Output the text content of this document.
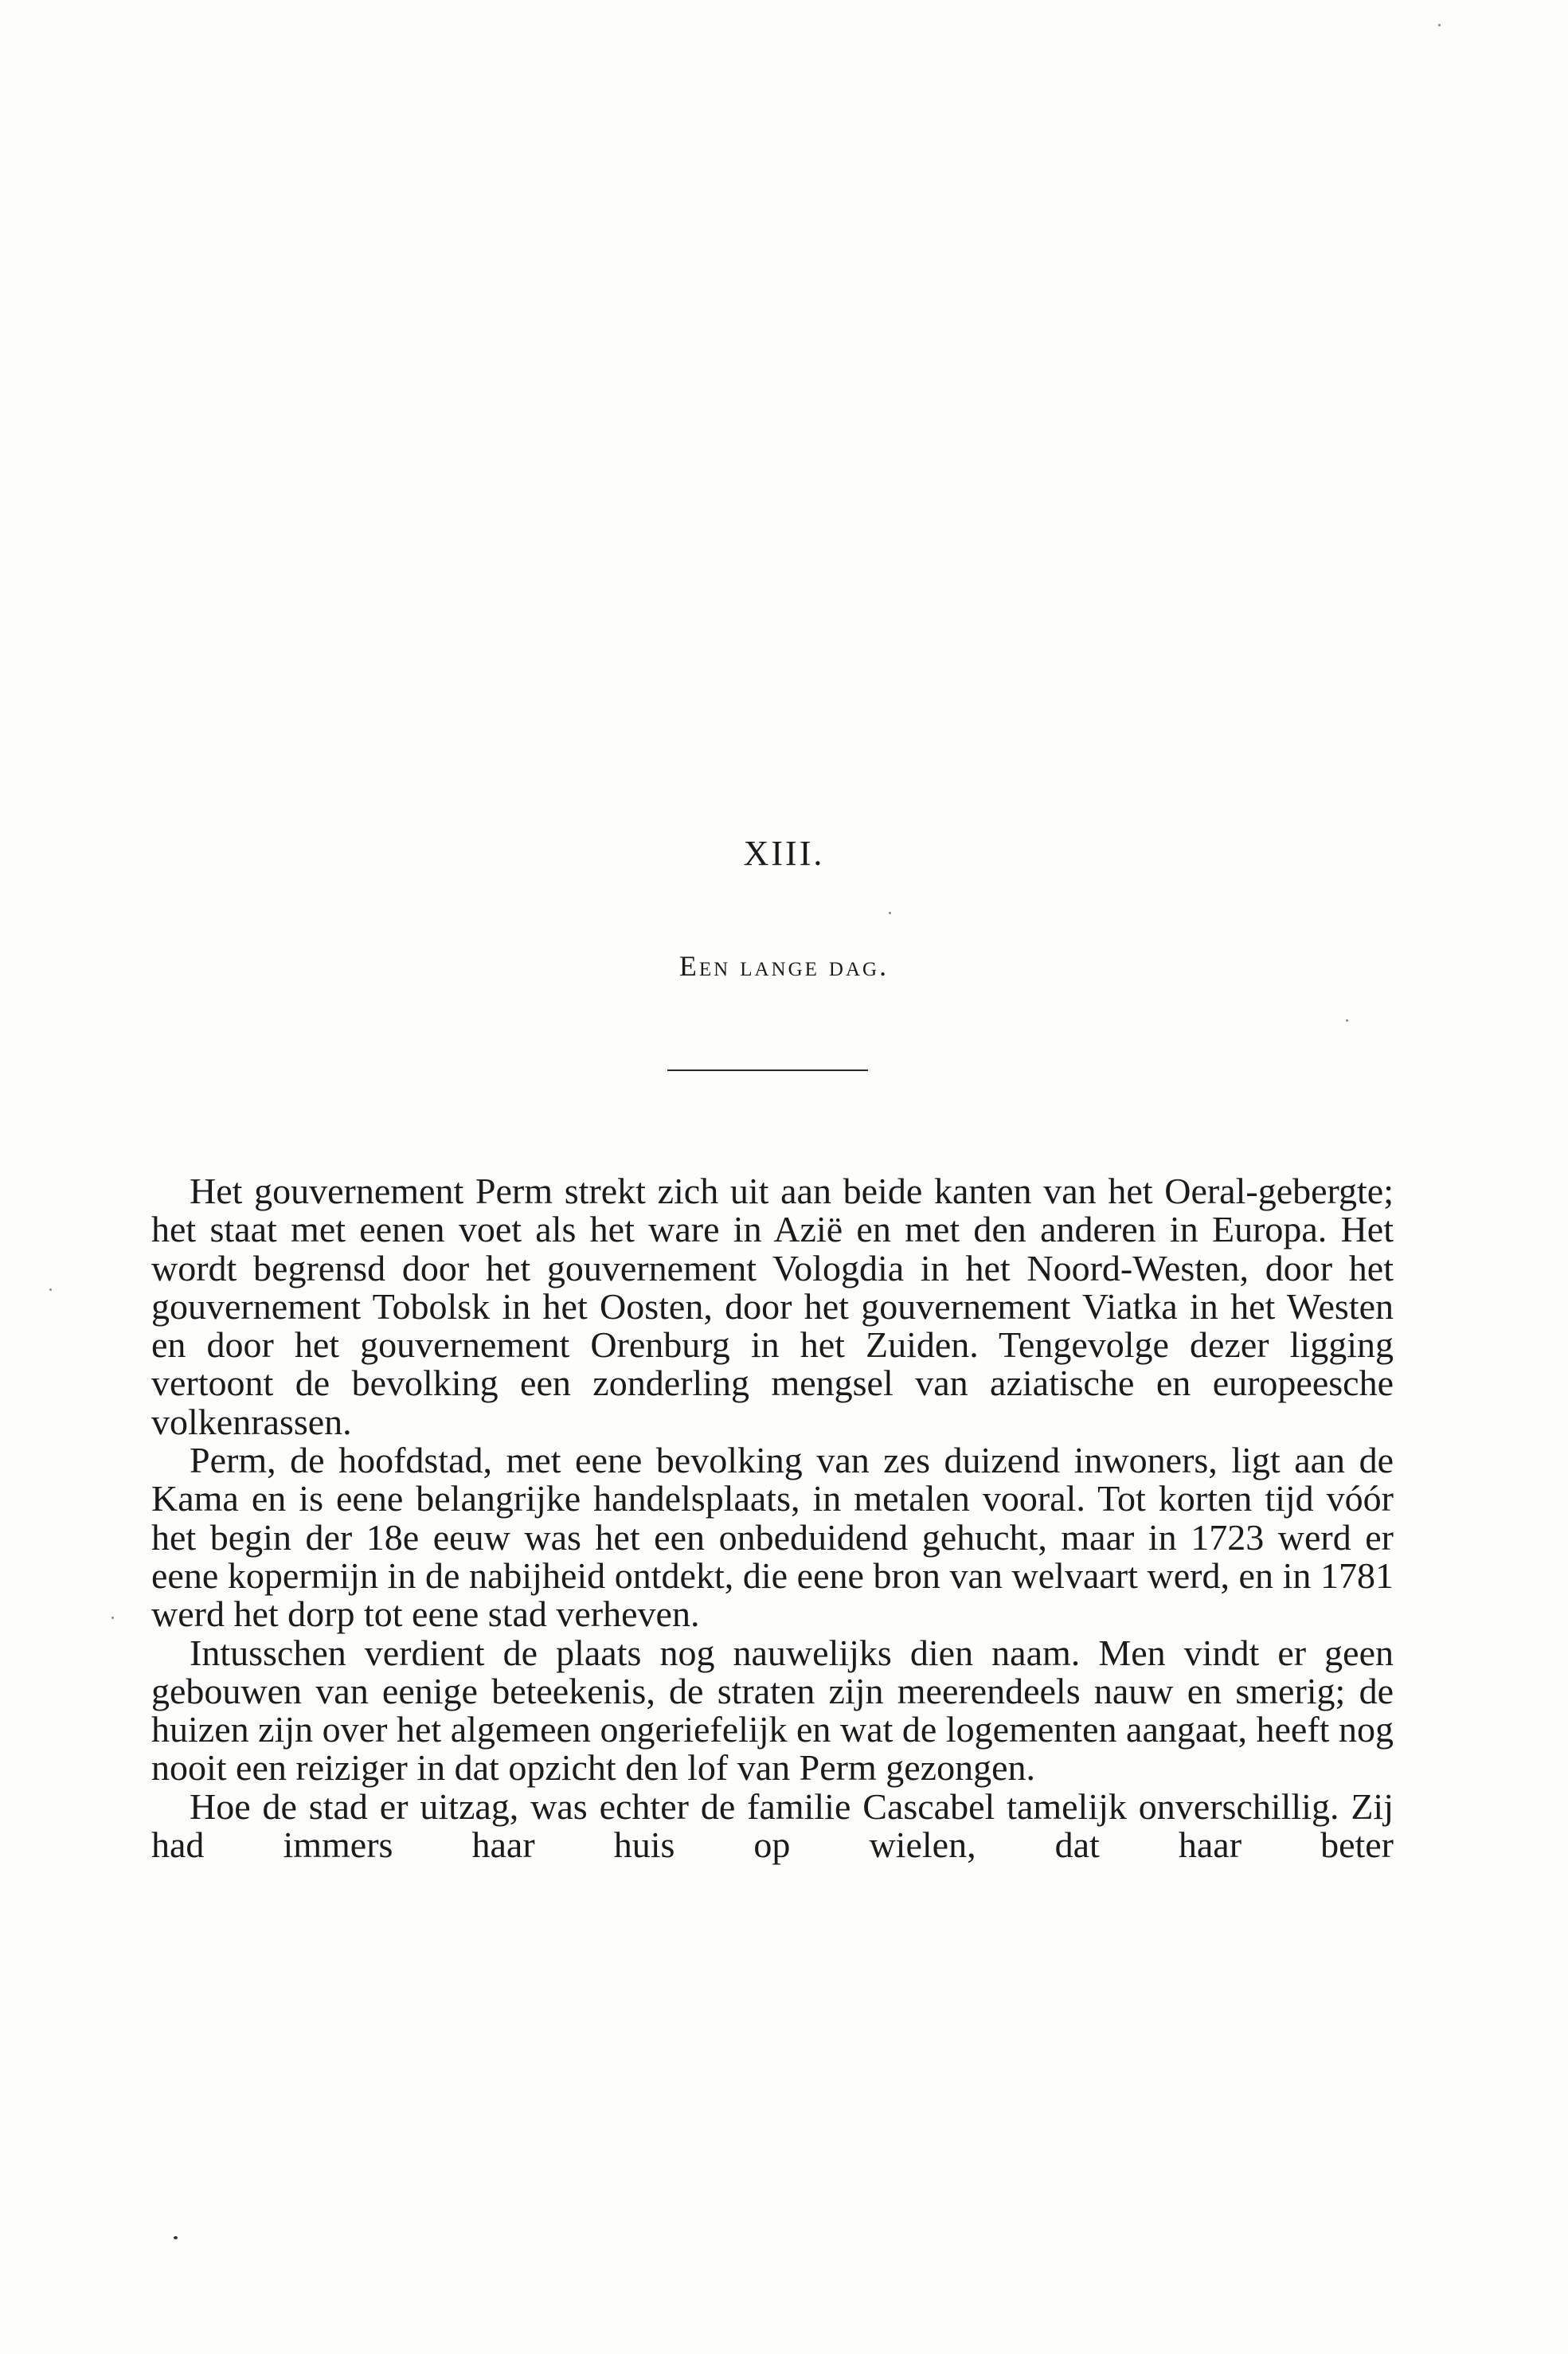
XIII.
Een lange dag.

Het gouvernement Perm strekt zich uit aan beide kanten van het Oeral-gebergte; het staat met eenen voet als het ware in Azië en met den anderen in Europa. Het wordt begrensd door het gouvernement Vologdia in het Noord-Westen, door het gouvernement Tobolsk in het Oosten, door het gouvernement Viatka in het Westen en door het gouvernement Orenburg in het Zuiden. Tengevolge dezer ligging vertoont de bevolking een zonderling mengsel van aziatische en europeesche volkenrassen.

Perm, de hoofdstad, met eene bevolking van zes duizend inwoners, ligt aan de Kama en is eene belangrijke handelsplaats, in metalen vooral. Tot korten tijd vóór het begin der 18e eeuw was het een onbeduidend gehucht, maar in 1723 werd er eene kopermijn in de nabijheid ontdekt, die eene bron van welvaart werd, en in 1781 werd het dorp tot eene stad verheven.

Intusschen verdient de plaats nog nauwelijks dien naam. Men vindt er geen gebouwen van eenige beteekenis, de straten zijn meerendeels nauw en smerig; de huizen zijn over het algemeen ongeriefelijk en wat de logementen aangaat, heeft nog nooit een reiziger in dat opzicht den lof van Perm gezongen.

Hoe de stad er uitzag, was echter de familie Cascabel tamelijk onverschillig. Zij had immers haar huis op wielen, dat haar beter
